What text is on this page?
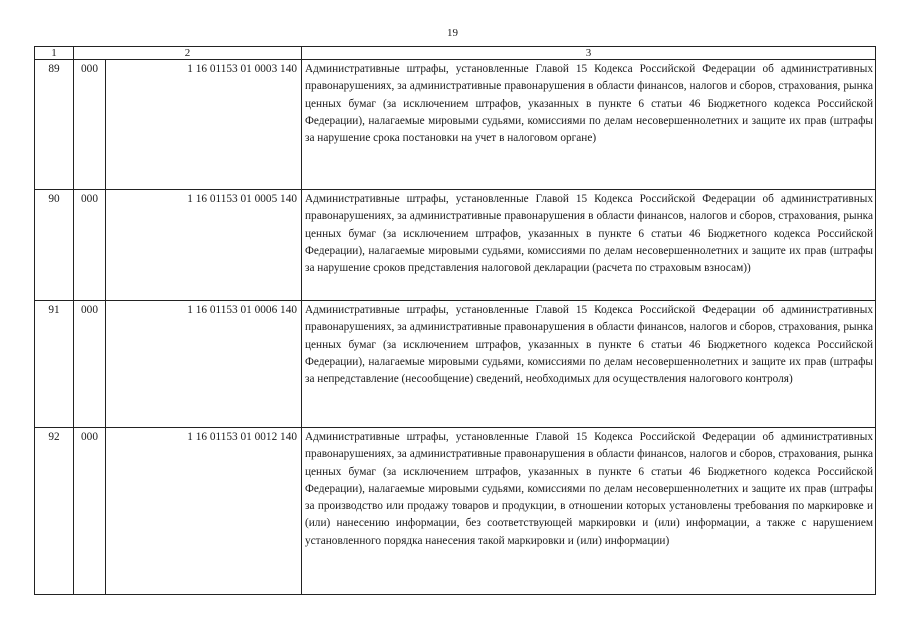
19
1	2		3
89	000	1 16 01153 01 0003 140	Административные штрафы, установленные Главой 15 Кодекса Российской Федерации об административных правонарушениях, за административные правонарушения в области финансов, налогов и сборов, страхования, рынка ценных бумаг (за исключением штрафов, указанных в пункте 6 статьи 46 Бюджетного кодекса Российской Федерации), налагаемые мировыми судьями, комиссиями по делам несовершеннолетних и защите их прав (штрафы за нарушение срока постановки на учет в налоговом органе)
90	000	1 16 01153 01 0005 140	Административные штрафы, установленные Главой 15 Кодекса Российской Федерации об административных правонарушениях, за административные правонарушения в области финансов, налогов и сборов, страхования, рынка ценных бумаг (за исключением штрафов, указанных в пункте 6 статьи 46 Бюджетного кодекса Российской Федерации), налагаемые мировыми судьями, комиссиями по делам несовершеннолетних и защите их прав (штрафы за нарушение сроков представления налоговой декларации (расчета по страховым взносам))
91	000	1 16 01153 01 0006 140	Административные штрафы, установленные Главой 15 Кодекса Российской Федерации об административных правонарушениях, за административные правонарушения в области финансов, налогов и сборов, страхования, рынка ценных бумаг (за исключением штрафов, указанных в пункте 6 статьи 46 Бюджетного кодекса Российской Федерации), налагаемые мировыми судьями, комиссиями по делам несовершеннолетних и защите их прав (штрафы за непредставление (несообщение) сведений, необходимых для осуществления налогового контроля)
92	000	1 16 01153 01 0012 140	Административные штрафы, установленные Главой 15 Кодекса Российской Федерации об административных правонарушениях, за административные правонарушения в области финансов, налогов и сборов, страхования, рынка ценных бумаг (за исключением штрафов, указанных в пункте 6 статьи 46 Бюджетного кодекса Российской Федерации), налагаемые мировыми судьями, комиссиями по делам несовершеннолетних и защите их прав (штрафы за производство или продажу товаров и продукции, в отношении которых установлены требования по маркировке и (или) нанесению информации, без соответствующей маркировки и (или) информации, а также с нарушением установленного порядка нанесения такой маркировки и (или) информации)
